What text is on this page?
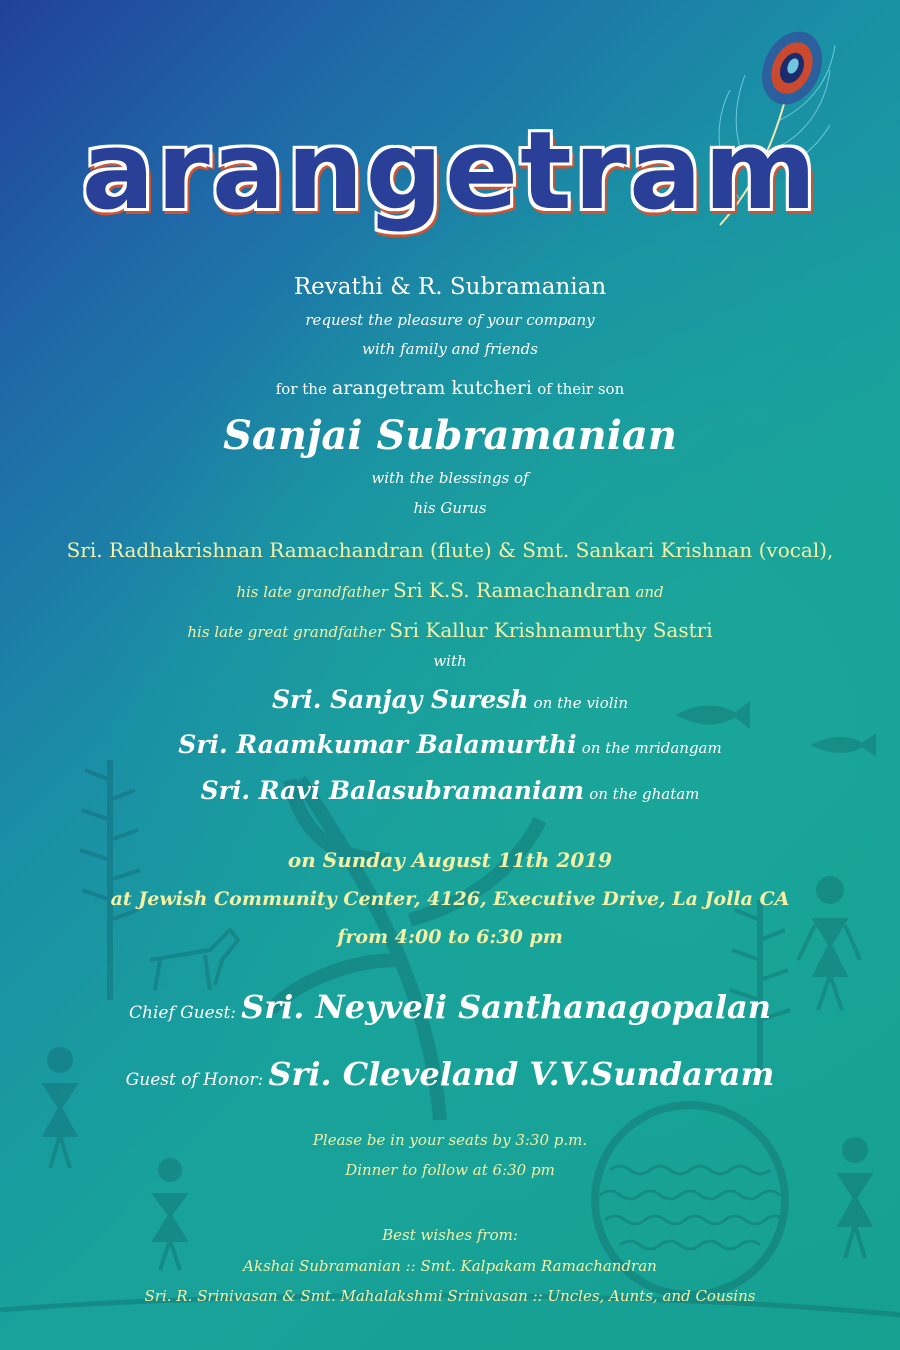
arangetram
Revathi & R. Subramanian
request the pleasure of your company
with family and friends
for the arangetram kutcheri of their son
Sanjai Subramanian
with the blessings of
his Gurus
Sri. Radhakrishnan Ramachandran (flute) & Smt. Sankari Krishnan (vocal),
his late grandfather Sri K.S. Ramachandran and
his late great grandfather Sri Kallur Krishnamurthy Sastri
with
Sri. Sanjay Suresh on the violin
Sri. Raamkumar Balamurthi on the mridangam
Sri. Ravi Balasubramaniam on the ghatam
on Sunday August 11th 2019
at Jewish Community Center, 4126, Executive Drive, La Jolla CA
from 4:00 to 6:30 pm
Chief Guest: Sri. Neyveli Santhanagopalan
Guest of Honor: Sri. Cleveland V.V.Sundaram
Please be in your seats by 3:30 p.m.
Dinner to follow at 6:30 pm
Best wishes from:
Akshai Subramanian :: Smt. Kalpakam Ramachandran
Sri. R. Srinivasan & Smt. Mahalakshmi Srinivasan :: Uncles, Aunts, and Cousins
